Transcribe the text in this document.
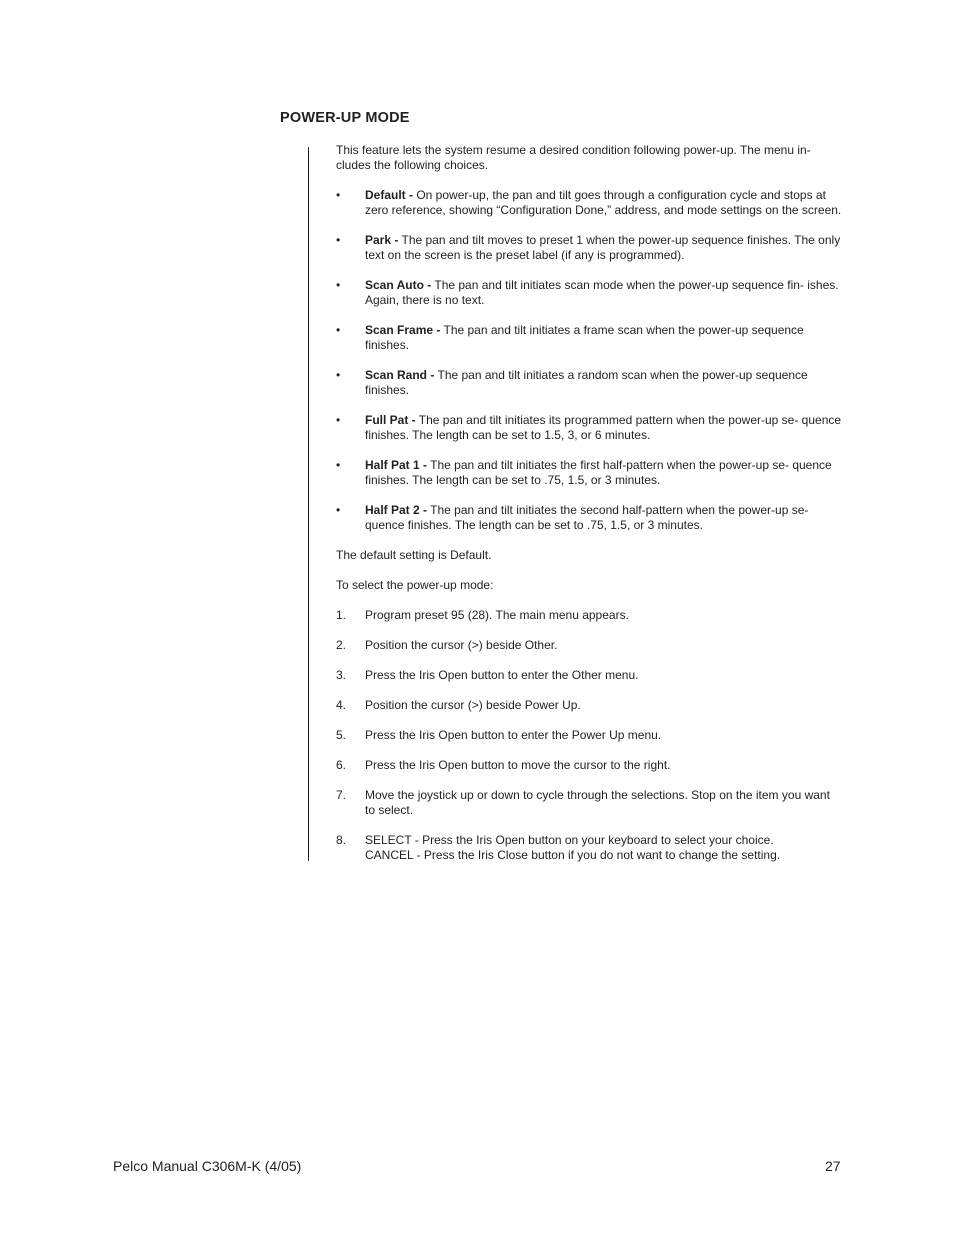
POWER-UP MODE

This feature lets the system resume a desired condition following power-up. The menu in- cludes the following choices.

• Default - On power-up, the pan and tilt goes through a configuration cycle and stops at zero reference, showing “Configuration Done,” address, and mode settings on the screen.
• Park - The pan and tilt moves to preset 1 when the power-up sequence finishes. The only text on the screen is the preset label (if any is programmed).
• Scan Auto - The pan and tilt initiates scan mode when the power-up sequence fin- ishes. Again, there is no text.
• Scan Frame - The pan and tilt initiates a frame scan when the power-up sequence finishes.
• Scan Rand - The pan and tilt initiates a random scan when the power-up sequence finishes.
• Full Pat - The pan and tilt initiates its programmed pattern when the power-up se- quence finishes. The length can be set to 1.5, 3, or 6 minutes.
• Half Pat 1 - The pan and tilt initiates the first half-pattern when the power-up se- quence finishes. The length can be set to .75, 1.5, or 3 minutes.
• Half Pat 2 - The pan and tilt initiates the second half-pattern when the power-up se- quence finishes. The length can be set to .75, 1.5, or 3 minutes.

The default setting is Default.

To select the power-up mode:

1. Program preset 95 (28). The main menu appears.
2. Position the cursor (>) beside Other.
3. Press the Iris Open button to enter the Other menu.
4. Position the cursor (>) beside Power Up.
5. Press the Iris Open button to enter the Power Up menu.
6. Press the Iris Open button to move the cursor to the right.
7. Move the joystick up or down to cycle through the selections. Stop on the item you want to select.
8. SELECT - Press the Iris Open button on your keyboard to select your choice.
CANCEL - Press the Iris Close button if you do not want to change the setting.
Pelco Manual C306M-K (4/05)	27
